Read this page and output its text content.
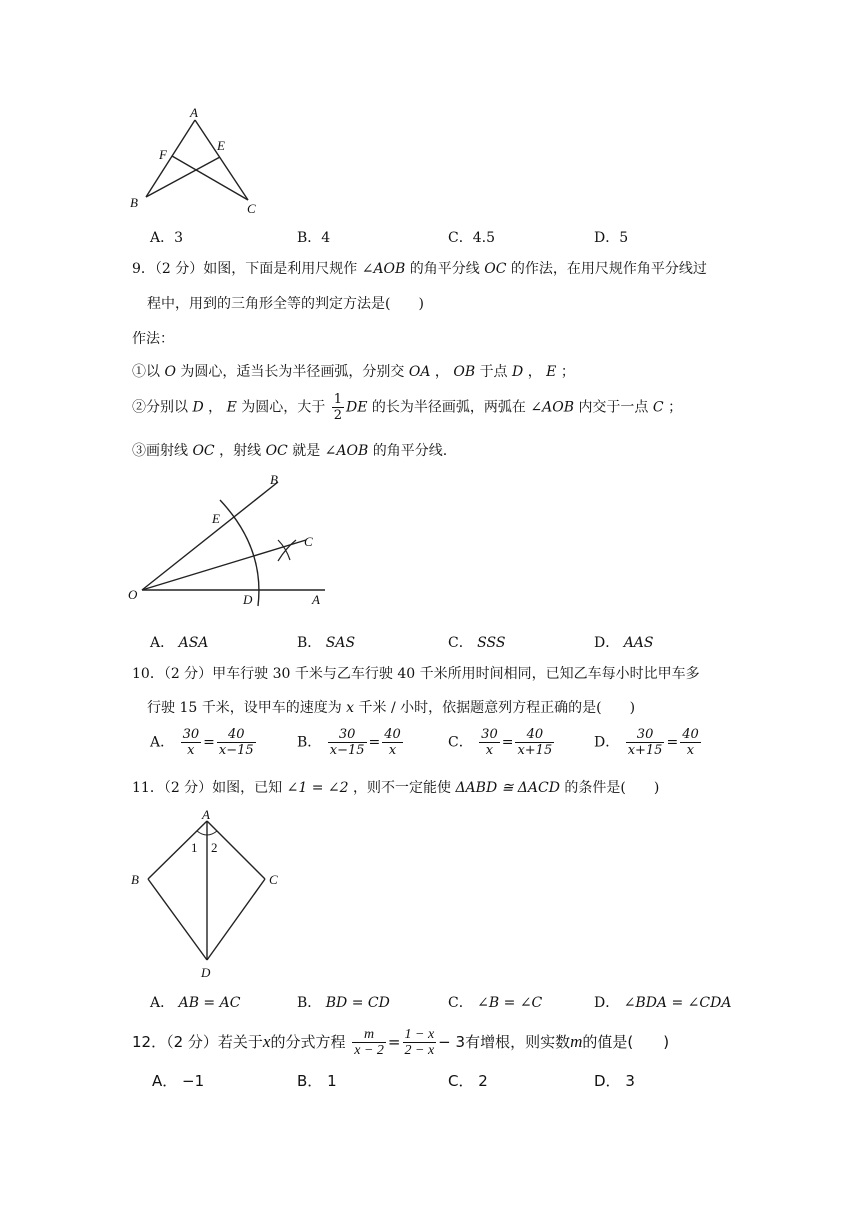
A
F
E
B	C
A．3	B．4	C．4.5	D．5
9．（2 分）如图，下面是利用尺规作 ∠AOB 的角平分线 OC 的作法，在用尺规作角平分线过
程中，用到的三角形全等的判定方法是(　　)
作法：
①以 O 为圆心，适当长为半径画弧，分别交 OA ， OB 于点 D ， E ；
②分别以 D ， E 为圆心，大于 $\frac{1}{2}$ DE 的长为半径画弧，两弧在 ∠AOB 内交于一点 C ；
③画射线 OC ，射线 OC 就是 ∠AOB 的角平分线.
B
E
C
O	D	A
A． ASA	B． SAS	C． SSS	D． AAS
10．（2 分）甲车行驶 30 千米与乙车行驶 40 千米所用时间相同，已知乙车每小时比甲车多
行驶 15 千米，设甲车的速度为 x 千米 / 小时，依据题意列方程正确的是(　　)
A． $\frac{30}{x} = \frac{40}{x-15}$	B． $\frac{30}{x-15} = \frac{40}{x}$	C． $\frac{30}{x} = \frac{40}{x+15}$	D． $\frac{30}{x+15} = \frac{40}{x}$
11．（2 分）如图，已知 ∠1 = ∠2 ，则不一定能使 ΔABD ≅ ΔACD 的条件是(　　)
A
1 2
B	C
D
A． AB = AC	B． BD = CD	C． ∠B = ∠C	D． ∠BDA = ∠CDA
12．（2 分）若关于x的分式方程 $\frac{m}{x - 2} = \frac{1 - x}{2 - x} - 3$有增根，则实数m的值是(　　)
A． −1	B． 1	C． 2	D． 3
